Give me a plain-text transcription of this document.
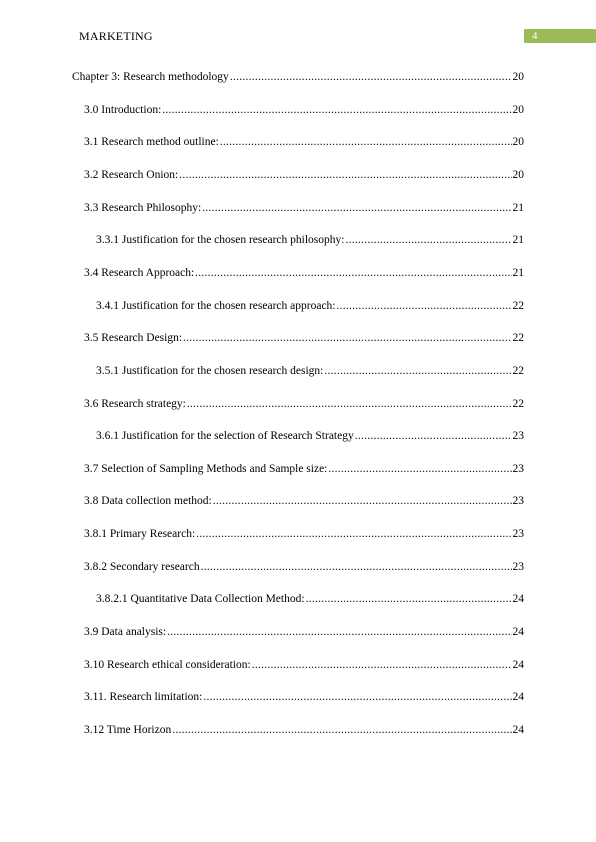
MARKETING	4
Chapter 3: Research methodology .....	20
3.0 Introduction: .....	20
3.1 Research method outline: .....	20
3.2 Research Onion: .....	20
3.3 Research Philosophy: .....	21
3.3.1 Justification for the chosen research philosophy: .....	21
3.4 Research Approach: .....	21
3.4.1 Justification for the chosen research approach: .....	22
3.5 Research Design: .....	22
3.5.1 Justification for the chosen research design: .....	22
3.6 Research strategy: .....	22
3.6.1 Justification for the selection of Research Strategy .....	23
3.7 Selection of Sampling Methods and Sample size: .....	23
3.8 Data collection method: .....	23
3.8.1 Primary Research: .....	23
3.8.2 Secondary research .....	23
3.8.2.1 Quantitative Data Collection Method: .....	24
3.9 Data analysis: .....	24
3.10 Research ethical consideration: .....	24
3.11. Research limitation: .....	24
3.12 Time Horizon .....	24
